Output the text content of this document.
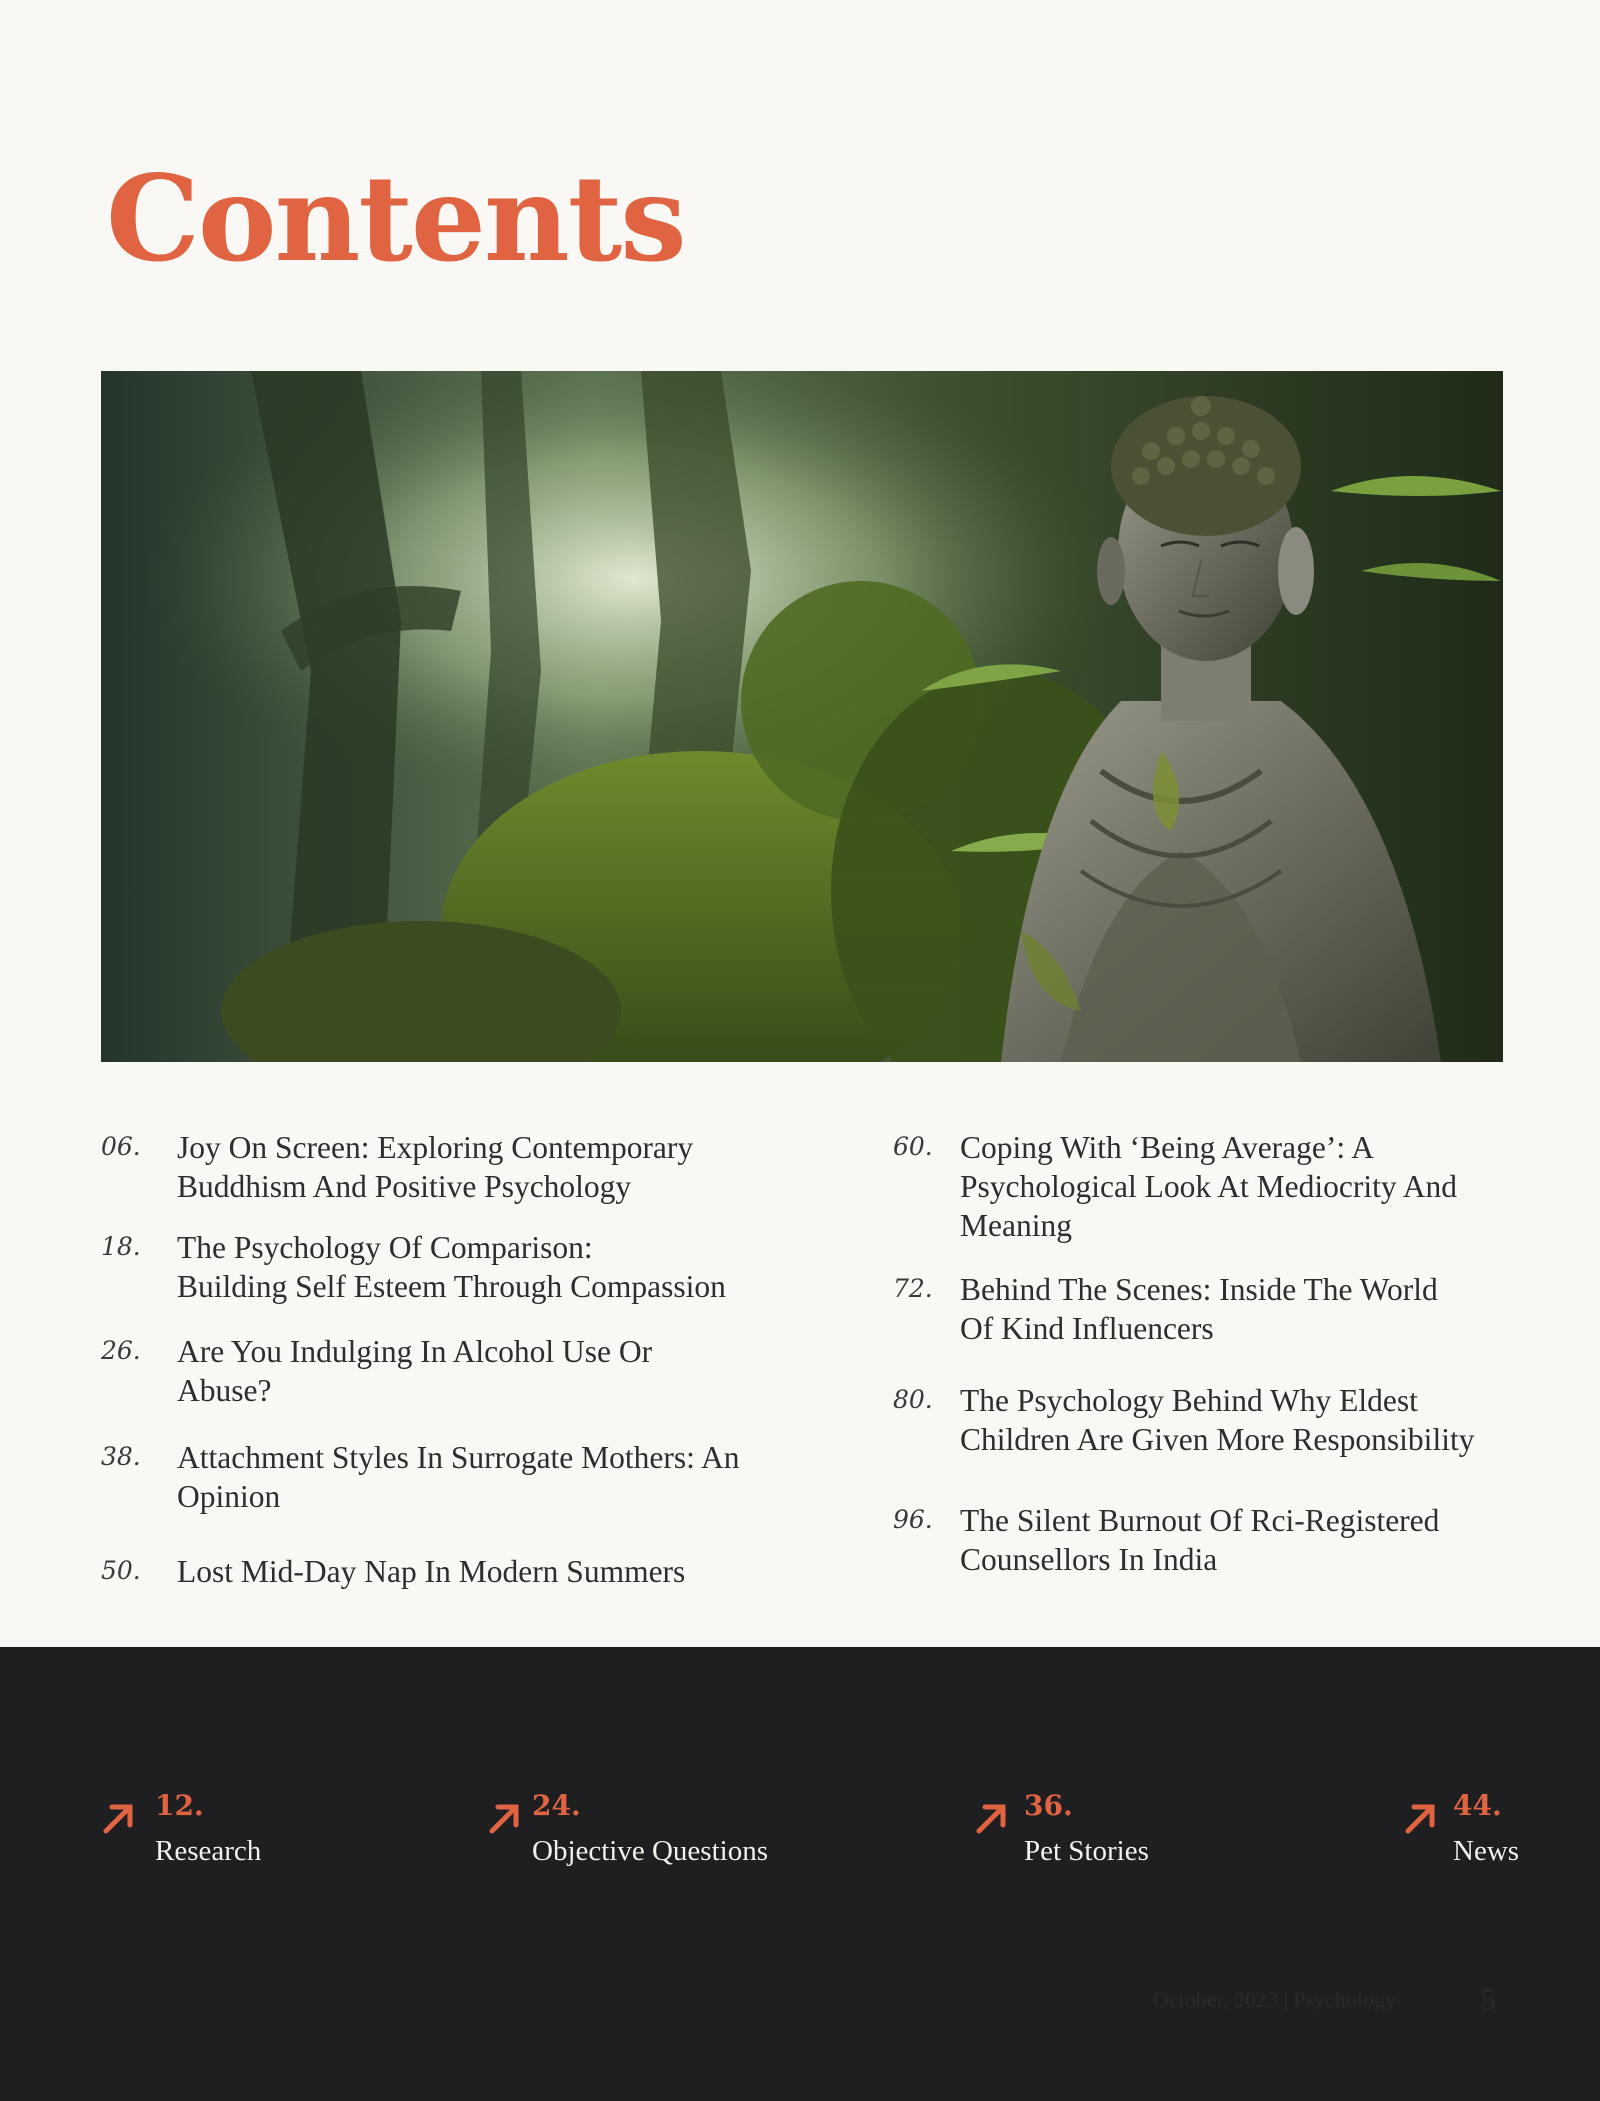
Contents
06.	Joy On Screen: Exploring Contemporary
Buddhism And Positive Psychology
18.	The Psychology Of Comparison:
Building Self Esteem Through Compassion
26.	Are You Indulging In Alcohol Use Or
Abuse?
38.	Attachment Styles In Surrogate Mothers: An
Opinion
50.	Lost Mid-Day Nap In Modern Summers
60. Coping With ‘Being Average’: A
Psychological Look At Mediocrity And
Meaning
72. Behind The Scenes: Inside The World
Of Kind Influencers
80. The Psychology Behind Why Eldest
Children Are Given More Responsibility
96. The Silent Burnout Of Rci-Registered
Counsellors In India
12.
Research
24.
Objective Questions
36.
Pet Stories
44.
News
October, 2023 | Psychology	5
